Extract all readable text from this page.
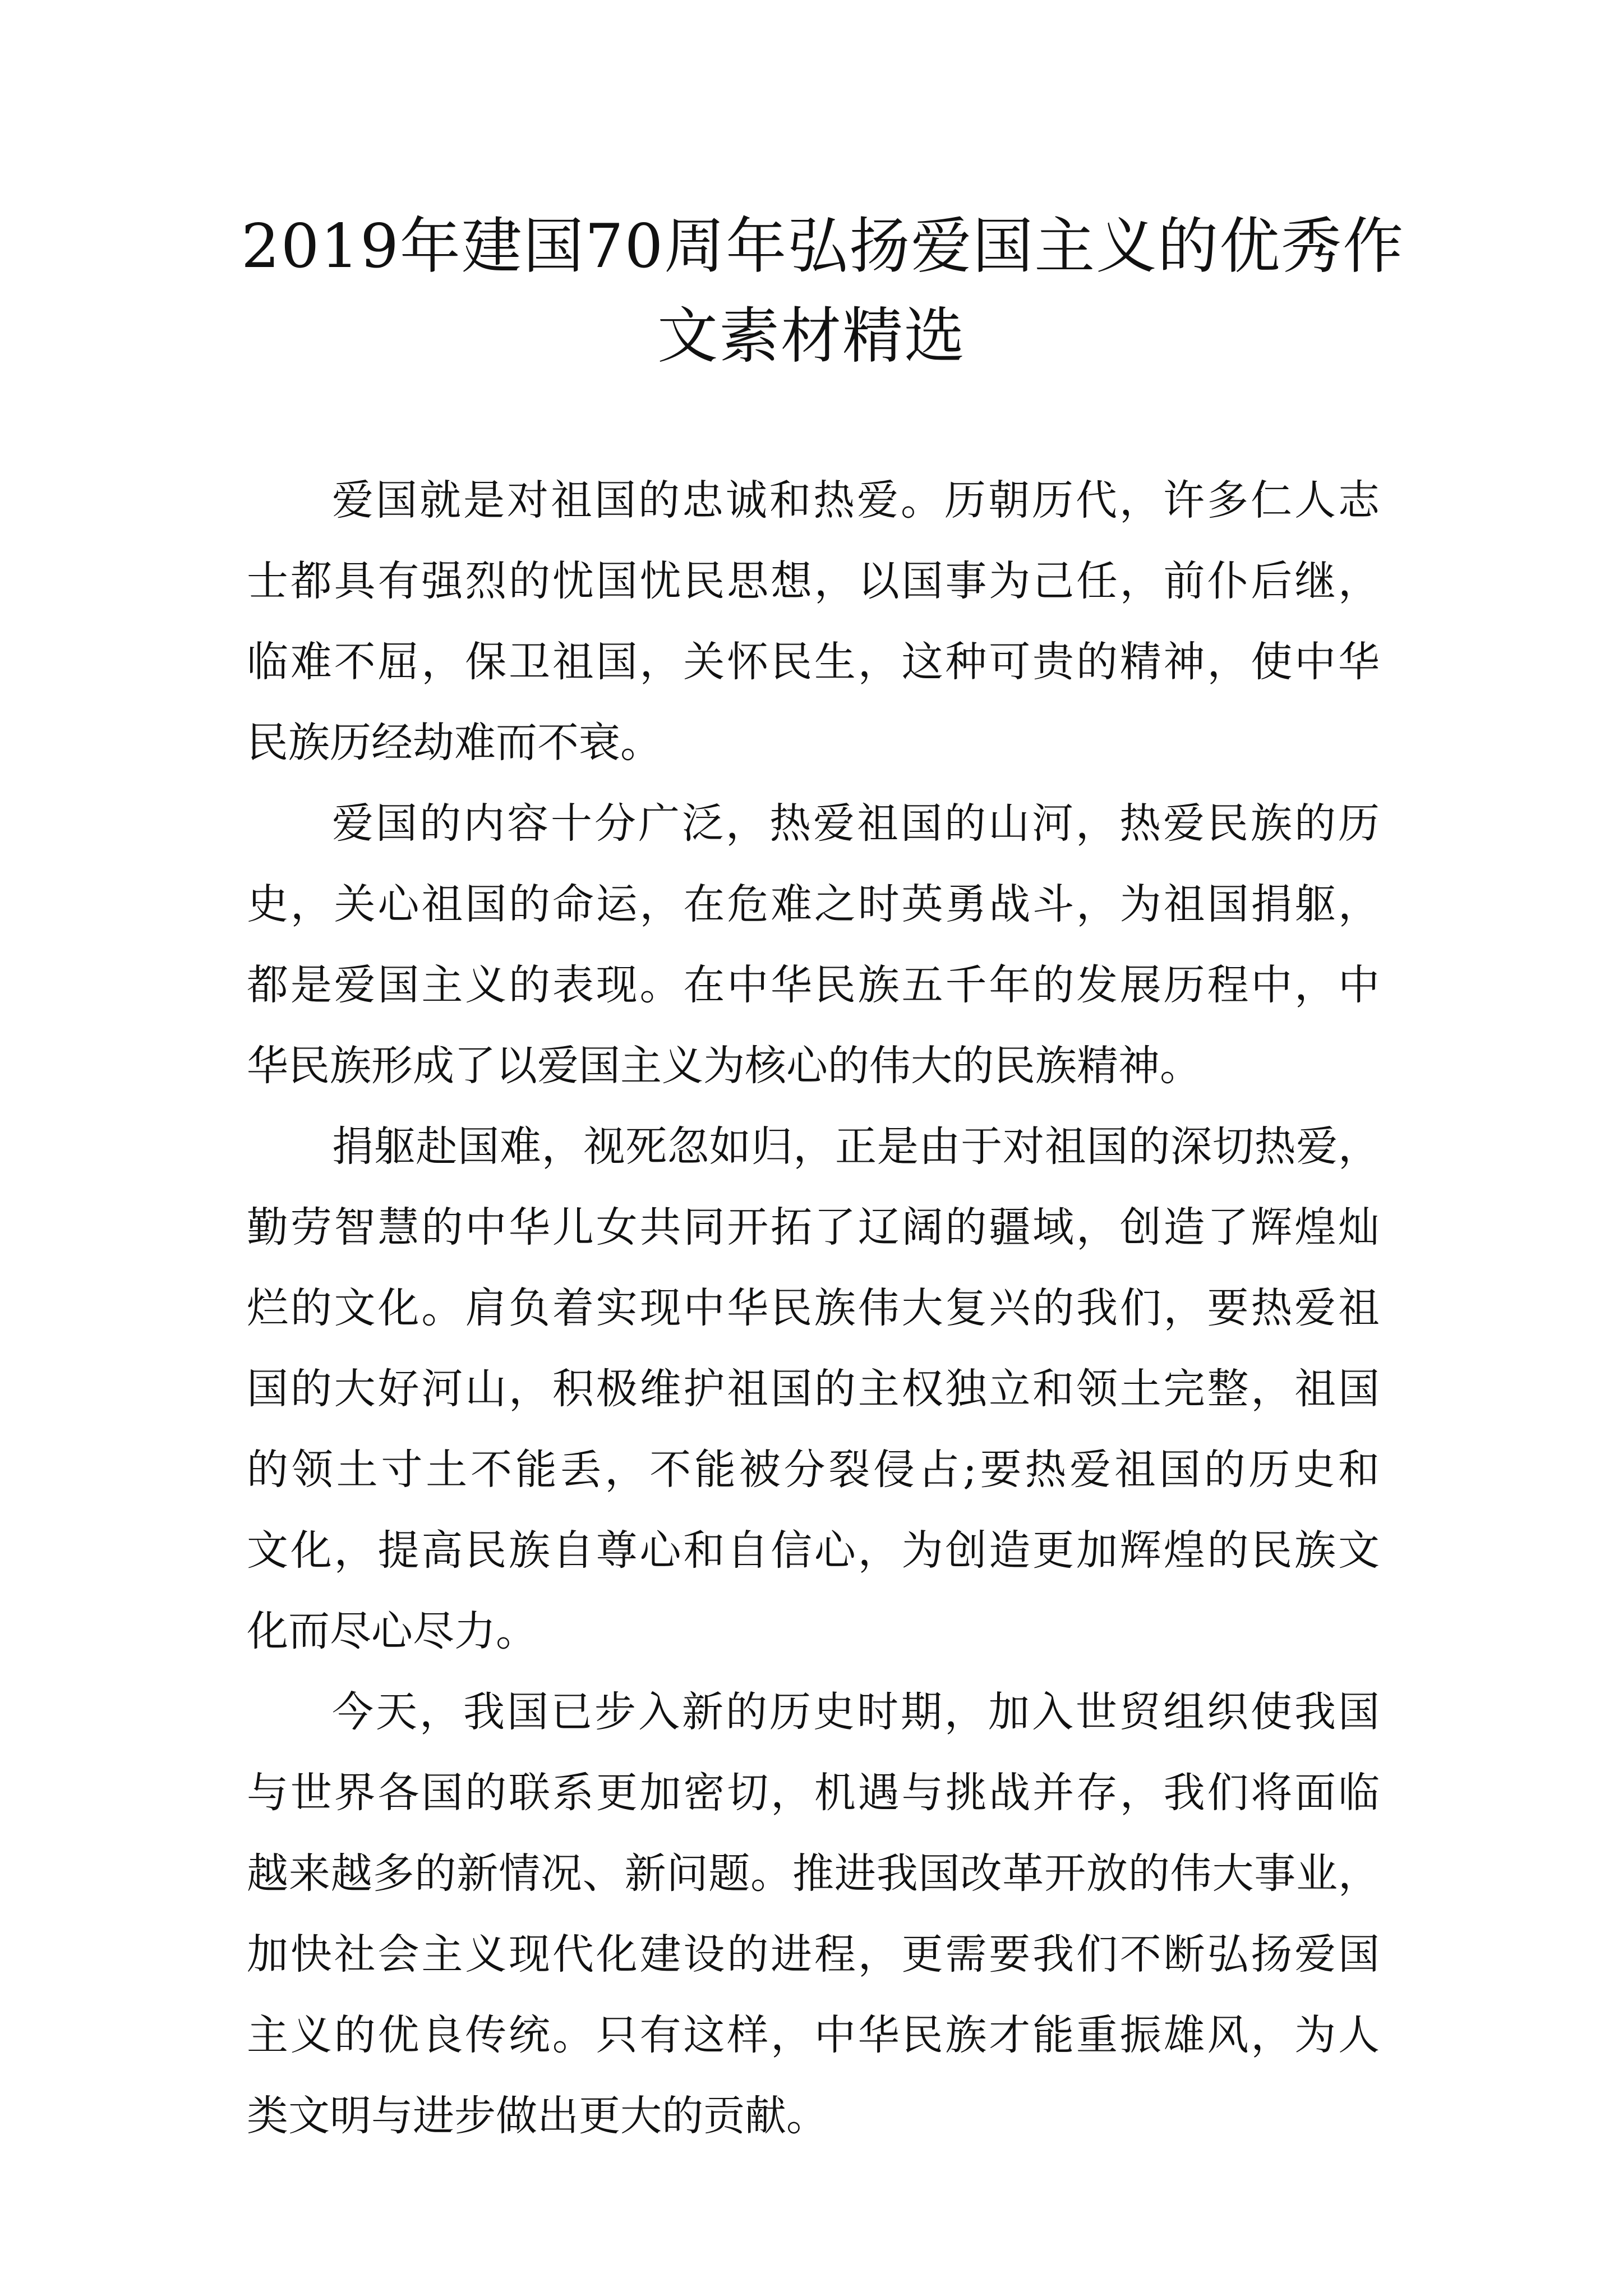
2019年建国70周年弘扬爱国主义的优秀作
文素材精选

爱国就是对祖国的忠诚和热爱。历朝历代，许多仁人志
士都具有强烈的忧国忧民思想，以国事为己任，前仆后继，
临难不屈，保卫祖国，关怀民生，这种可贵的精神，使中华
民族历经劫难而不衰。

爱国的内容十分广泛，热爱祖国的山河，热爱民族的历
史，关心祖国的命运，在危难之时英勇战斗，为祖国捐躯，
都是爱国主义的表现。在中华民族五千年的发展历程中，中
华民族形成了以爱国主义为核心的伟大的民族精神。

捐躯赴国难，视死忽如归，正是由于对祖国的深切热爱，
勤劳智慧的中华儿女共同开拓了辽阔的疆域，创造了辉煌灿
烂的文化。肩负着实现中华民族伟大复兴的我们，要热爱祖
国的大好河山，积极维护祖国的主权独立和领土完整，祖国
的领土寸土不能丢，不能被分裂侵占;要热爱祖国的历史和
文化，提高民族自尊心和自信心，为创造更加辉煌的民族文
化而尽心尽力。

今天，我国已步入新的历史时期，加入世贸组织使我国
与世界各国的联系更加密切，机遇与挑战并存，我们将面临
越来越多的新情况、新问题。推进我国改革开放的伟大事业，
加快社会主义现代化建设的进程，更需要我们不断弘扬爱国
主义的优良传统。只有这样，中华民族才能重振雄风，为人
类文明与进步做出更大的贡献。
